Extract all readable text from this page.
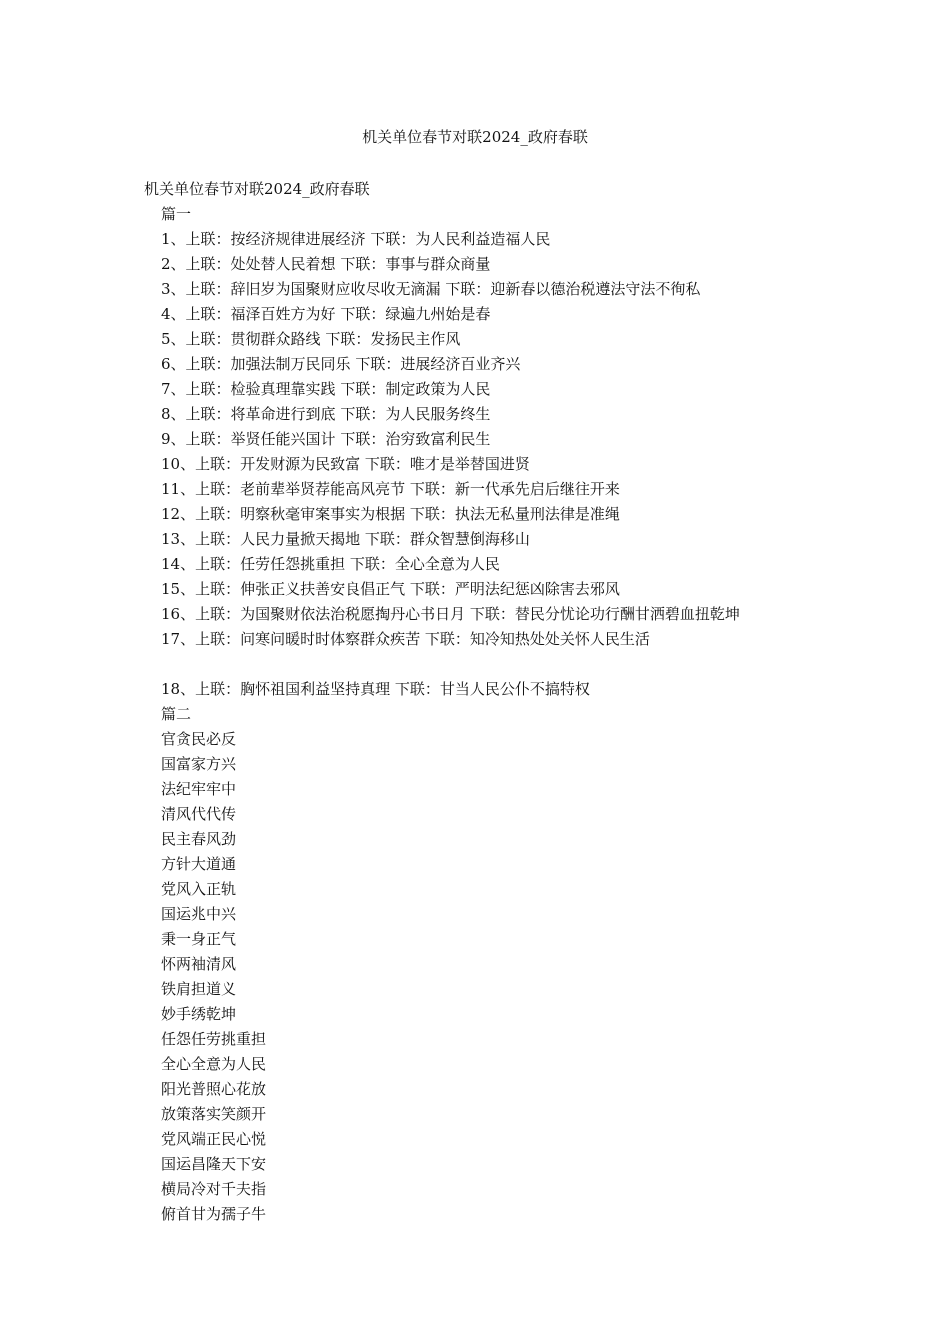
机关单位春节对联2024_政府春联
机关单位春节对联2024_政府春联
篇一
1、上联：按经济规律进展经济 下联：为人民利益造福人民
2、上联：处处替人民着想 下联：事事与群众商量
3、上联：辞旧岁为国聚财应收尽收无滴漏 下联：迎新春以德治税遵法守法不徇私
4、上联：福泽百姓方为好 下联：绿遍九州始是春
5、上联：贯彻群众路线 下联：发扬民主作风
6、上联：加强法制万民同乐 下联：进展经济百业齐兴
7、上联：检验真理靠实践 下联：制定政策为人民
8、上联：将革命进行到底 下联：为人民服务终生
9、上联：举贤任能兴国计 下联：治穷致富利民生
10、上联：开发财源为民致富 下联：唯才是举替国进贤
11、上联：老前辈举贤荐能高风亮节 下联：新一代承先启后继往开来
12、上联：明察秋毫审案事实为根据 下联：执法无私量刑法律是准绳
13、上联：人民力量掀天揭地 下联：群众智慧倒海移山
14、上联：任劳任怨挑重担 下联：全心全意为人民
15、上联：伸张正义扶善安良倡正气 下联：严明法纪惩凶除害去邪风
16、上联：为国聚财依法治税愿掏丹心书日月 下联：替民分忧论功行酬甘洒碧血扭乾坤
17、上联：问寒问暖时时体察群众疾苦 下联：知冷知热处处关怀人民生活
18、上联：胸怀祖国利益坚持真理 下联：甘当人民公仆不搞特权
篇二
官贪民必反
国富家方兴
法纪牢牢中
清风代代传
民主春风劲
方针大道通
党风入正轨
国运兆中兴
秉一身正气
怀两袖清风
铁肩担道义
妙手绣乾坤
任怨任劳挑重担
全心全意为人民
阳光普照心花放
放策落实笑颜开
党风端正民心悦
国运昌隆天下安
横局冷对千夫指
俯首甘为孺子牛
